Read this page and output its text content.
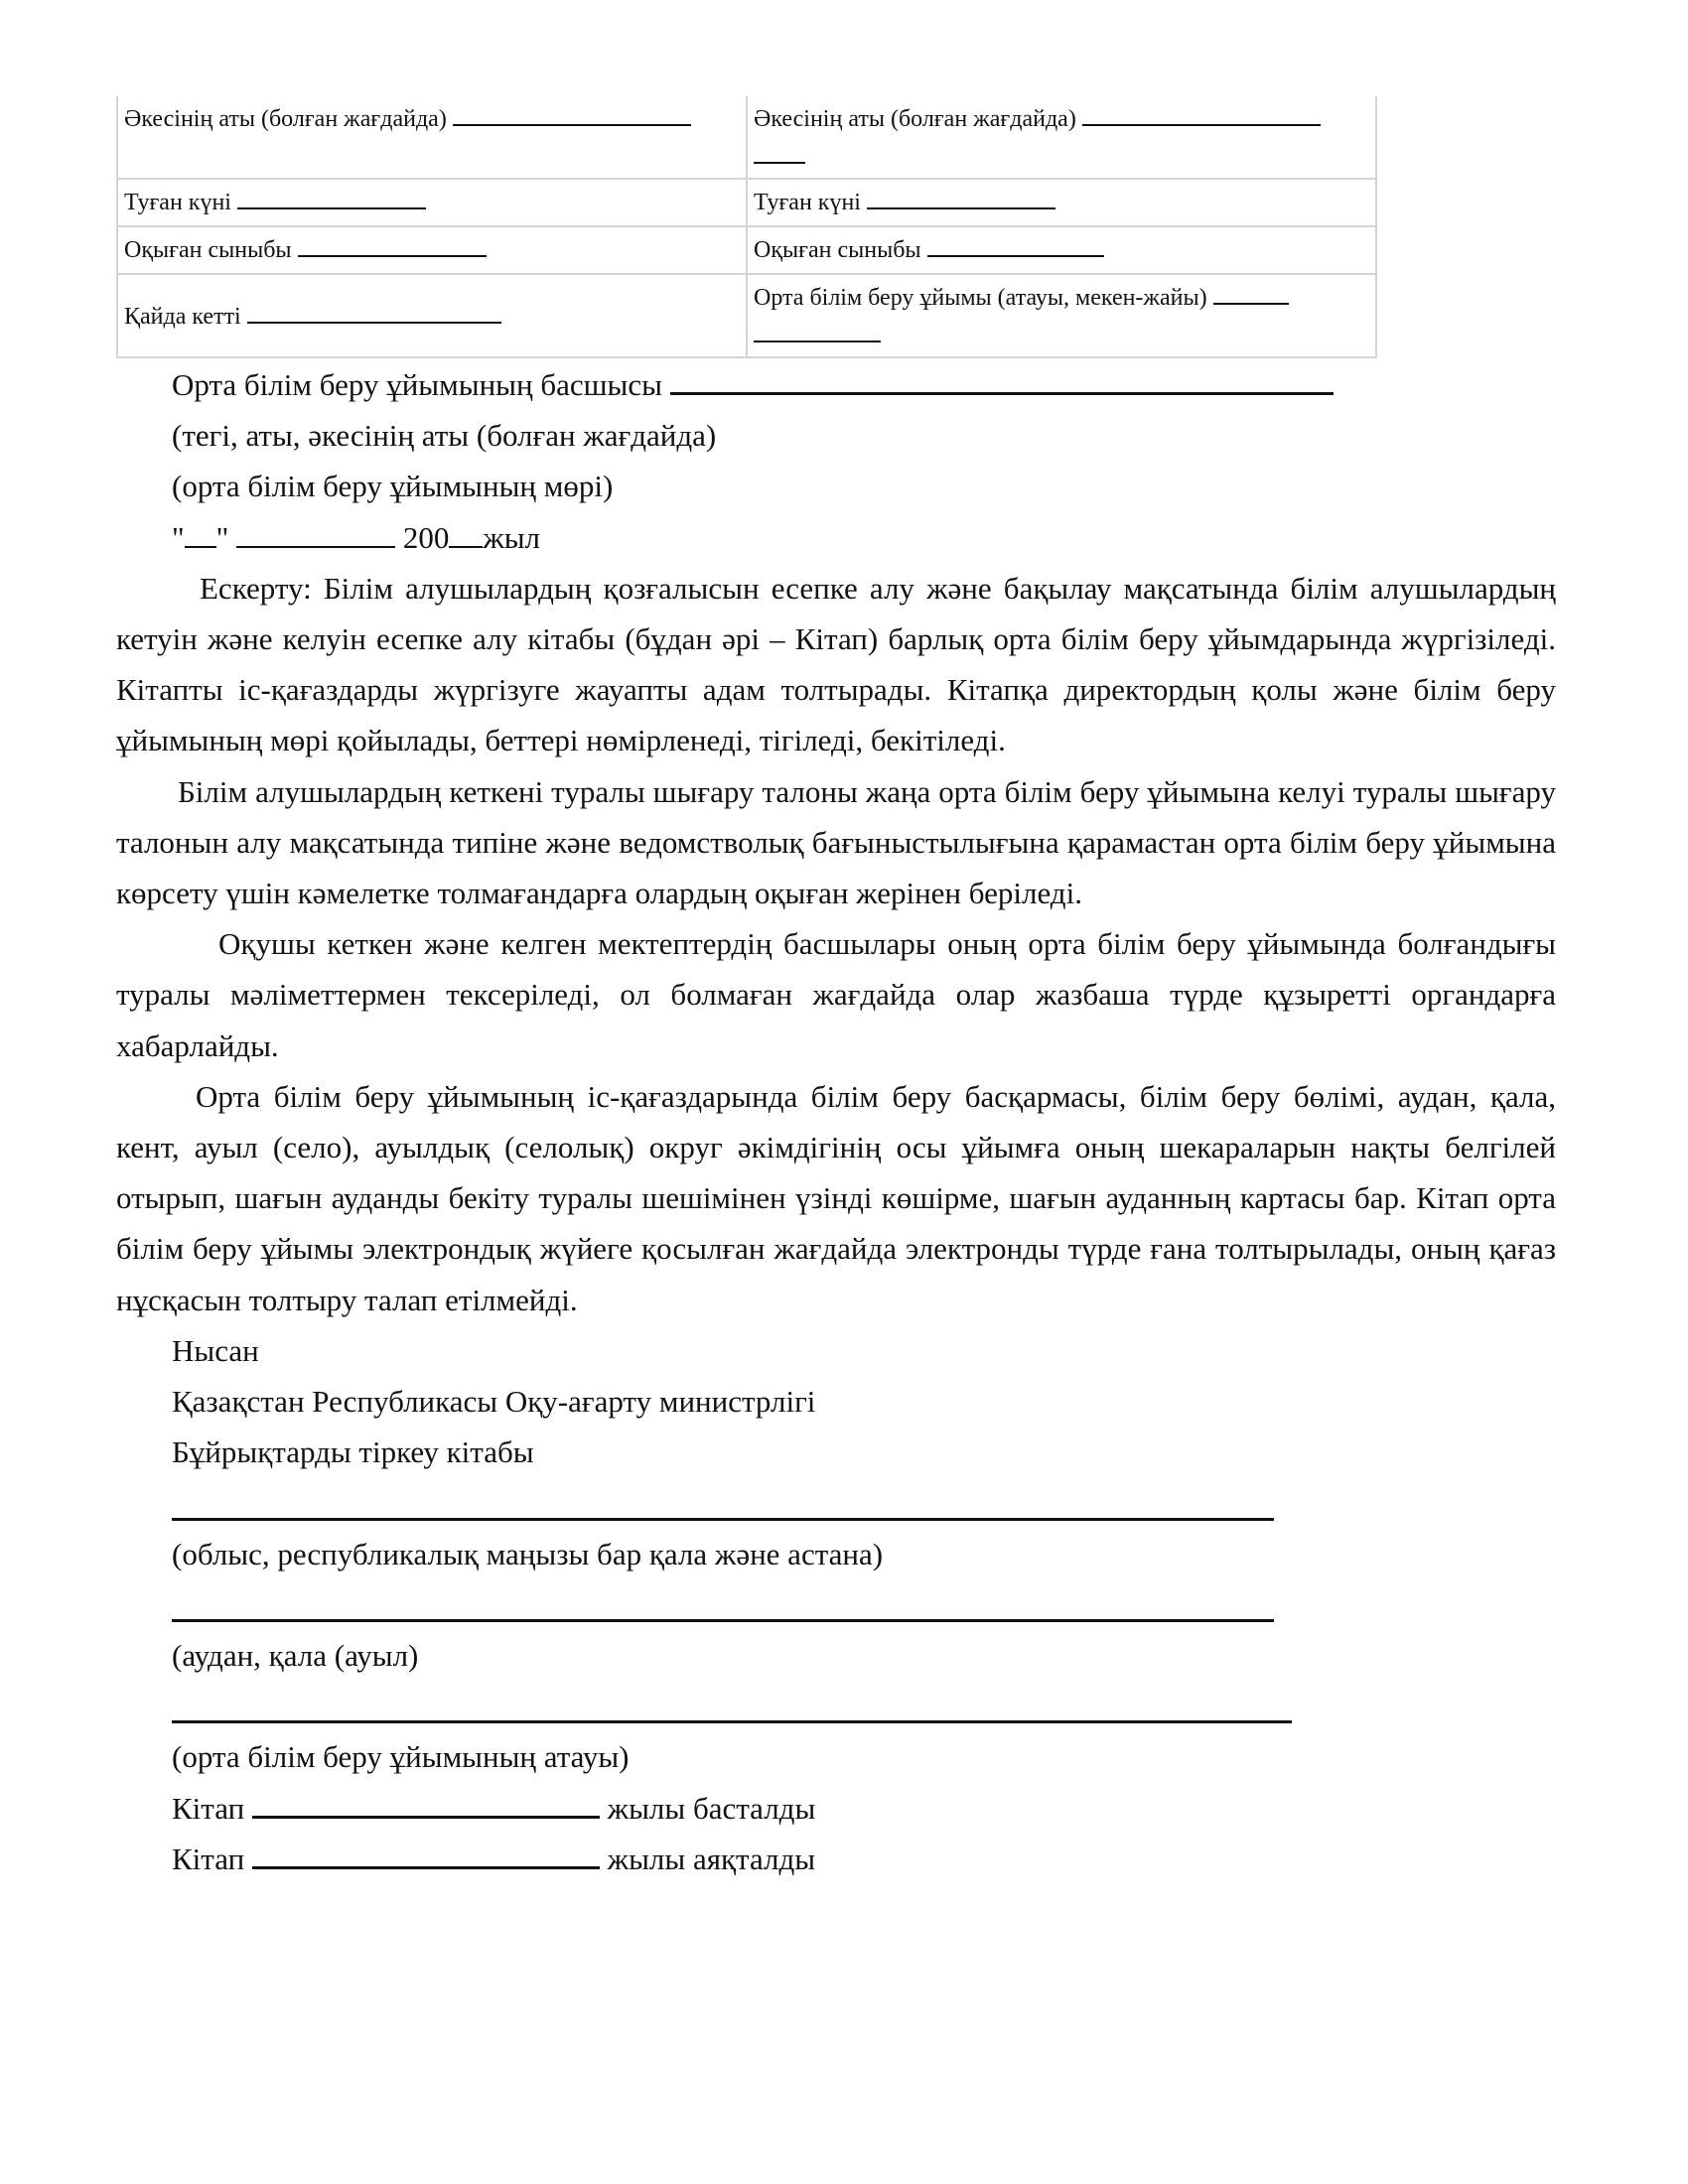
Әкесінің аты (болған жағдайда)	Әкесінің аты (болған жағдайда)

Туған күні	Туған күні
Оқыған сыныбы	Оқыған сыныбы
Қайда кетті	Орта білім беру ұйымы (атауы, мекен-жайы)

Орта білім беру ұйымының басшысы
(тегі, аты, әкесінің аты (болған жағдайда)
(орта білім беру ұйымының мөрі)
" "	200 жыл
Ескерту: Білім алушылардың қозғалысын есепке алу және бақылау мақсатында білім алушылардың кетуін және келуін есепке алу кітабы (бұдан әрі – Кітап) барлық орта білім беру ұйымдарында жүргізіледі. Кітапты іс-қағаздарды жүргізуге жауапты адам толтырады. Кітапқа директордың қолы және білім беру ұйымының мөрі қойылады, беттері нөмірленеді, тігіледі, бекітіледі.
Білім алушылардың кеткені туралы шығару талоны жаңа орта білім беру ұйымына келуі туралы шығару талонын алу мақсатында типіне және ведомстволық бағыныстылығына қарамастан орта білім беру ұйымына көрсету үшін кәмелетке толмағандарға олардың оқыған жерінен беріледі.
Оқушы кеткен және келген мектептердің басшылары оның орта білім беру ұйымында болғандығы туралы мәліметтермен тексеріледі, ол болмаған жағдайда олар жазбаша түрде құзыретті органдарға хабарлайды.
Орта білім беру ұйымының іс-қағаздарында білім беру басқармасы, білім беру бөлімі, аудан, қала, кент, ауыл (село), ауылдық (селолық) округ әкімдігінің осы ұйымға оның шекараларын нақты белгілей отырып, шағын ауданды бекіту туралы шешімінен үзінді көшірме, шағын ауданның картасы бар. Кітап орта білім беру ұйымы электрондық жүйеге қосылған жағдайда электронды түрде ғана толтырылады, оның қағаз нұсқасын толтыру талап етілмейді.
Нысан
Қазақстан Республикасы Оқу-ағарту министрлігі
Бұйрықтарды тіркеу кітабы
(облыс, республикалық маңызы бар қала және астана)
(аудан, қала (ауыл)
(орта білім беру ұйымының атауы)
Кітап	жылы басталды
Кітап	жылы аяқталды
